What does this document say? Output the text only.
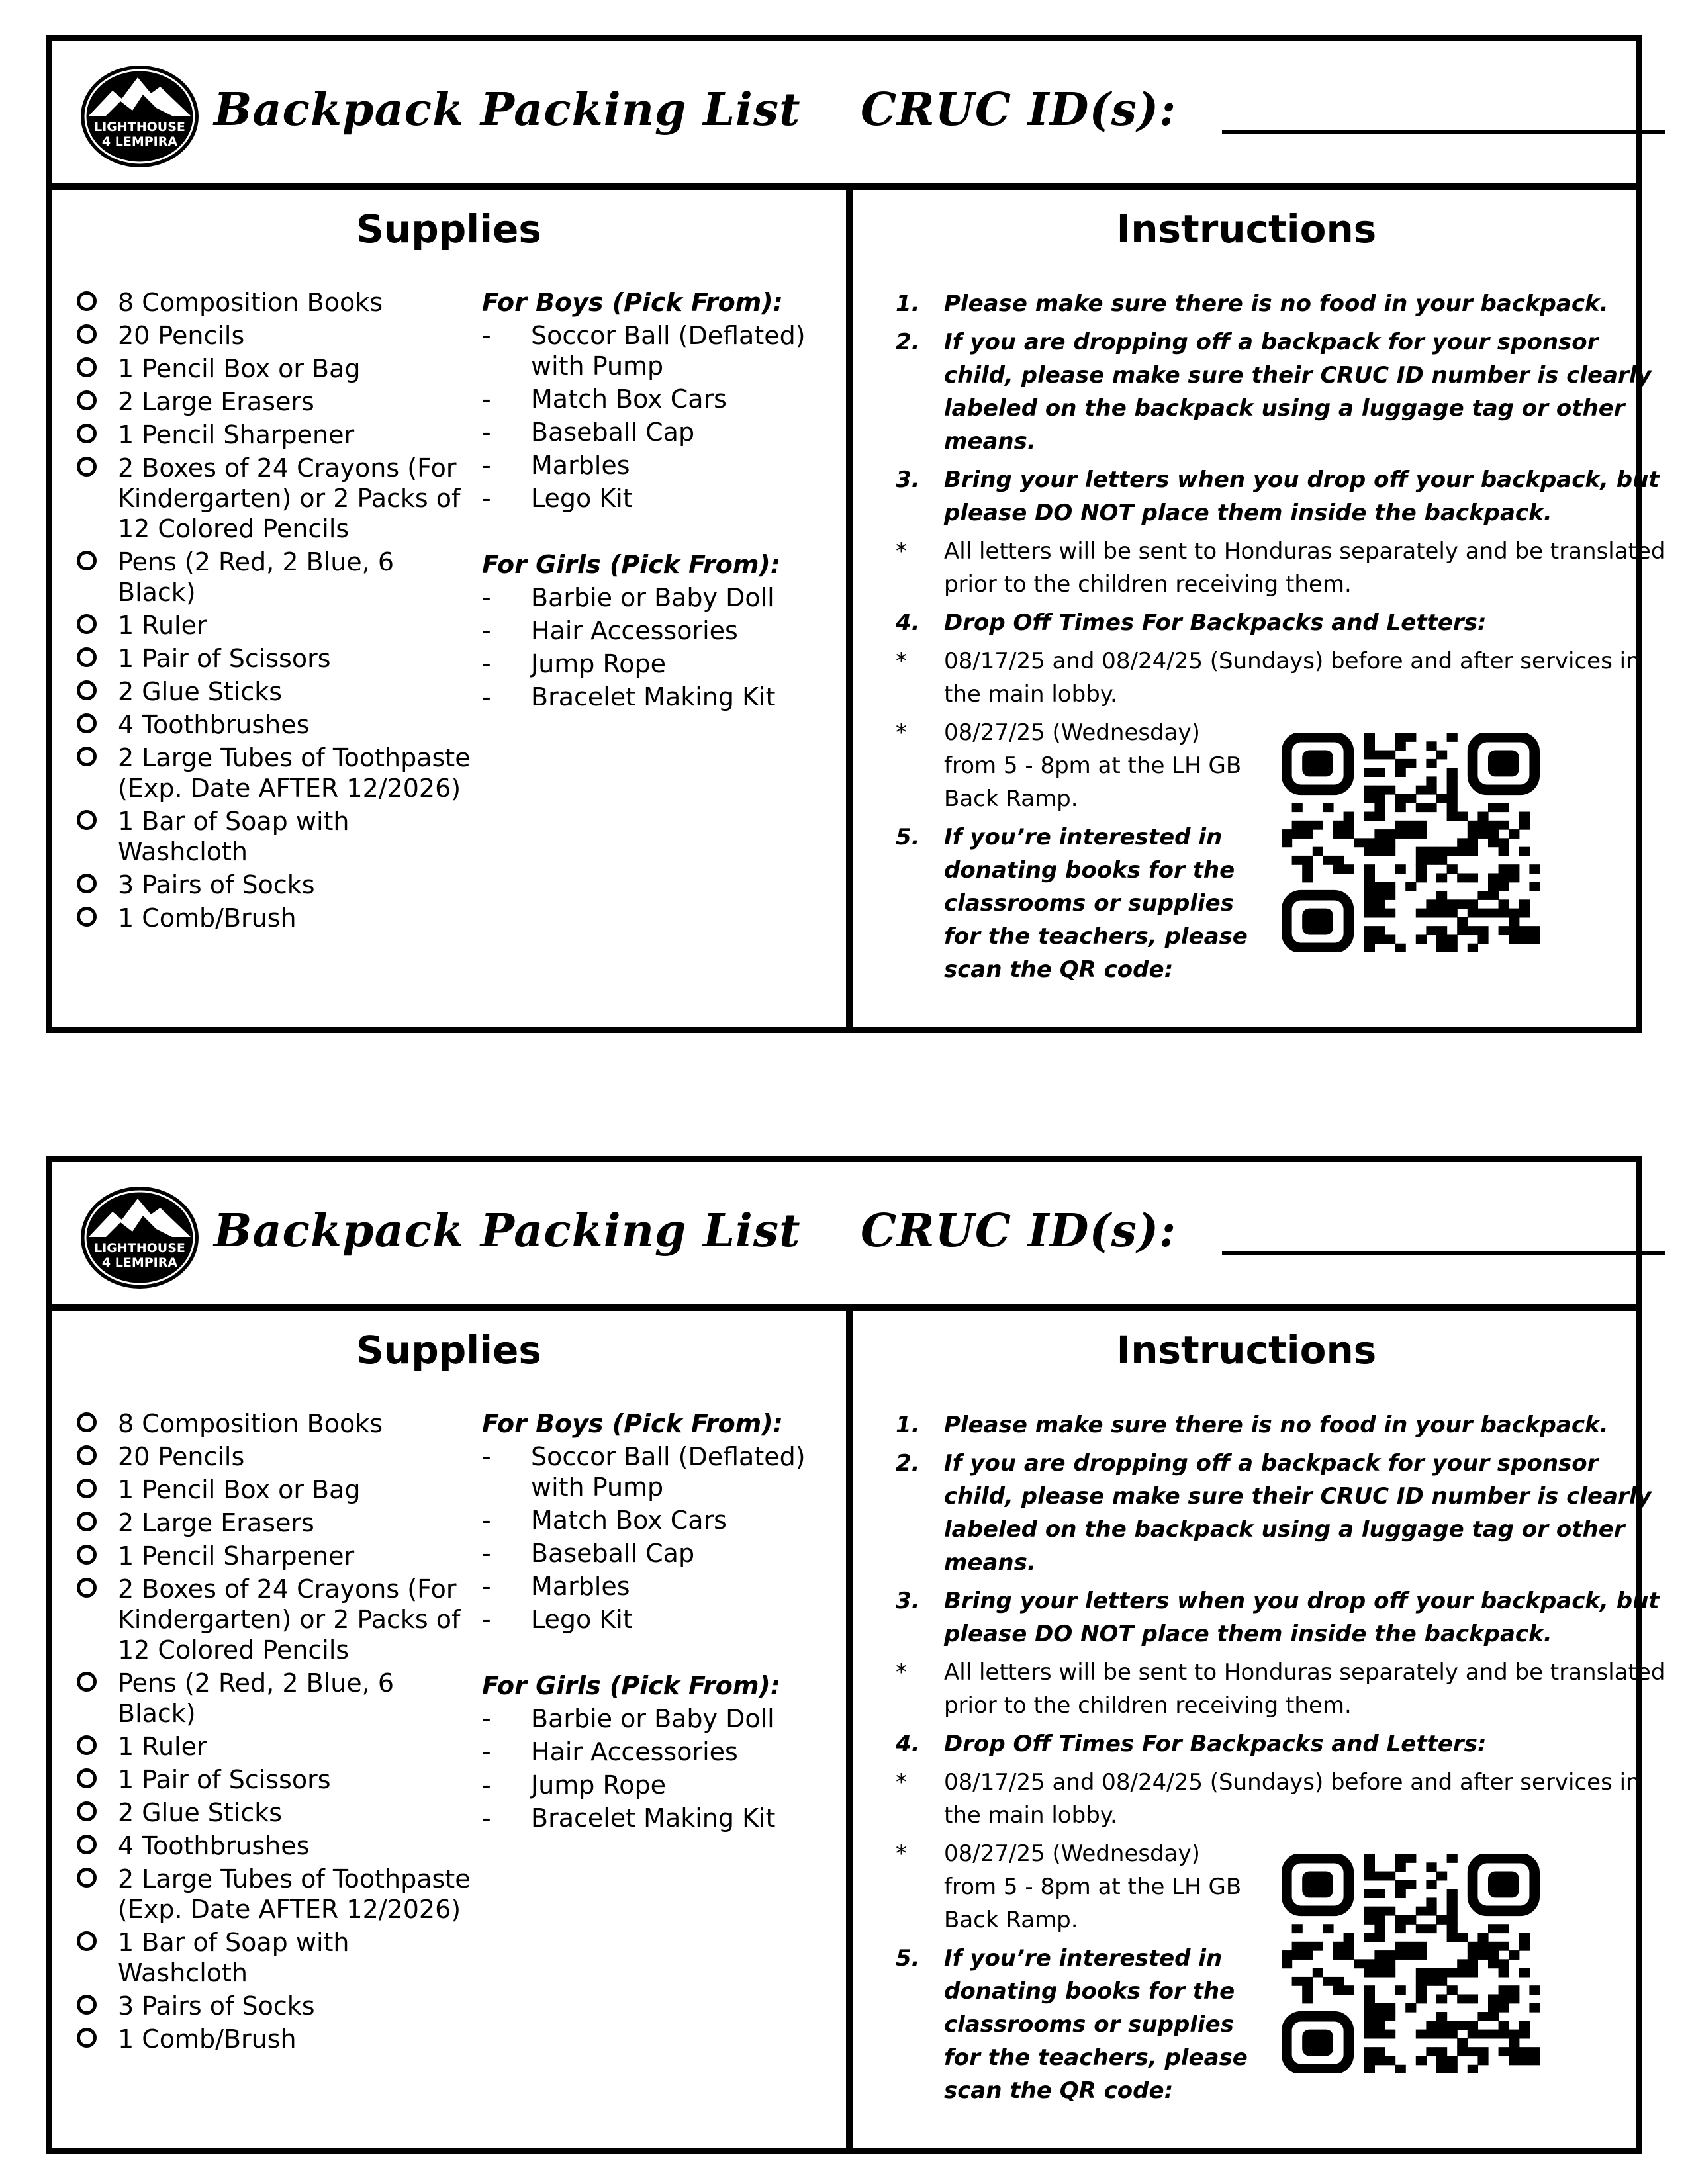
LIGHTHOUSE
4 LEMPIRA
Backpack Packing List CRUC ID(s):
Supplies	Instructions
8 Composition Books
20 Pencils
1 Pencil Box or Bag
2 Large Erasers
1 Pencil Sharpener
2 Boxes of 24 Crayons (For Kindergarten) or 2 Packs of 12 Colored Pencils
Pens (2 Red, 2 Blue, 6 Black)
1 Ruler
1 Pair of Scissors
2 Glue Sticks
4 Toothbrushes
2 Large Tubes of Toothpaste (Exp. Date AFTER 12/2026)
1 Bar of Soap with Washcloth
3 Pairs of Socks
1 Comb/Brush
For Boys (Pick From):
- Soccor Ball (Deflated) with Pump
- Match Box Cars
- Baseball Cap
- Marbles
- Lego Kit
For Girls (Pick From):
- Barbie or Baby Doll
- Hair Accessories
- Jump Rope
- Bracelet Making Kit
1. Please make sure there is no food in your backpack.
2. If you are dropping off a backpack for your sponsor child, please make sure their CRUC ID number is clearly labeled on the backpack using a luggage tag or other means.
3. Bring your letters when you drop off your backpack, but please DO NOT place them inside the backpack.
* All letters will be sent to Honduras separately and be translated prior to the children receiving them.
4. Drop Off Times For Backpacks and Letters:
* 08/17/25 and 08/24/25 (Sundays) before and after services in the main lobby.
* 08/27/25 (Wednesday) from 5 - 8pm at the LH GB Back Ramp.
5. If you’re interested in donating books for the classrooms or supplies for the teachers, please scan the QR code:
LIGHTHOUSE
4 LEMPIRA
Backpack Packing List CRUC ID(s):
Supplies	Instructions
8 Composition Books
20 Pencils
1 Pencil Box or Bag
2 Large Erasers
1 Pencil Sharpener
2 Boxes of 24 Crayons (For Kindergarten) or 2 Packs of 12 Colored Pencils
Pens (2 Red, 2 Blue, 6 Black)
1 Ruler
1 Pair of Scissors
2 Glue Sticks
4 Toothbrushes
2 Large Tubes of Toothpaste (Exp. Date AFTER 12/2026)
1 Bar of Soap with Washcloth
3 Pairs of Socks
1 Comb/Brush
For Boys (Pick From):
- Soccor Ball (Deflated) with Pump
- Match Box Cars
- Baseball Cap
- Marbles
- Lego Kit
For Girls (Pick From):
- Barbie or Baby Doll
- Hair Accessories
- Jump Rope
- Bracelet Making Kit
1. Please make sure there is no food in your backpack.
2. If you are dropping off a backpack for your sponsor child, please make sure their CRUC ID number is clearly labeled on the backpack using a luggage tag or other means.
3. Bring your letters when you drop off your backpack, but please DO NOT place them inside the backpack.
* All letters will be sent to Honduras separately and be translated prior to the children receiving them.
4. Drop Off Times For Backpacks and Letters:
* 08/17/25 and 08/24/25 (Sundays) before and after services in the main lobby.
* 08/27/25 (Wednesday) from 5 - 8pm at the LH GB Back Ramp.
5. If you’re interested in donating books for the classrooms or supplies for the teachers, please scan the QR code:
